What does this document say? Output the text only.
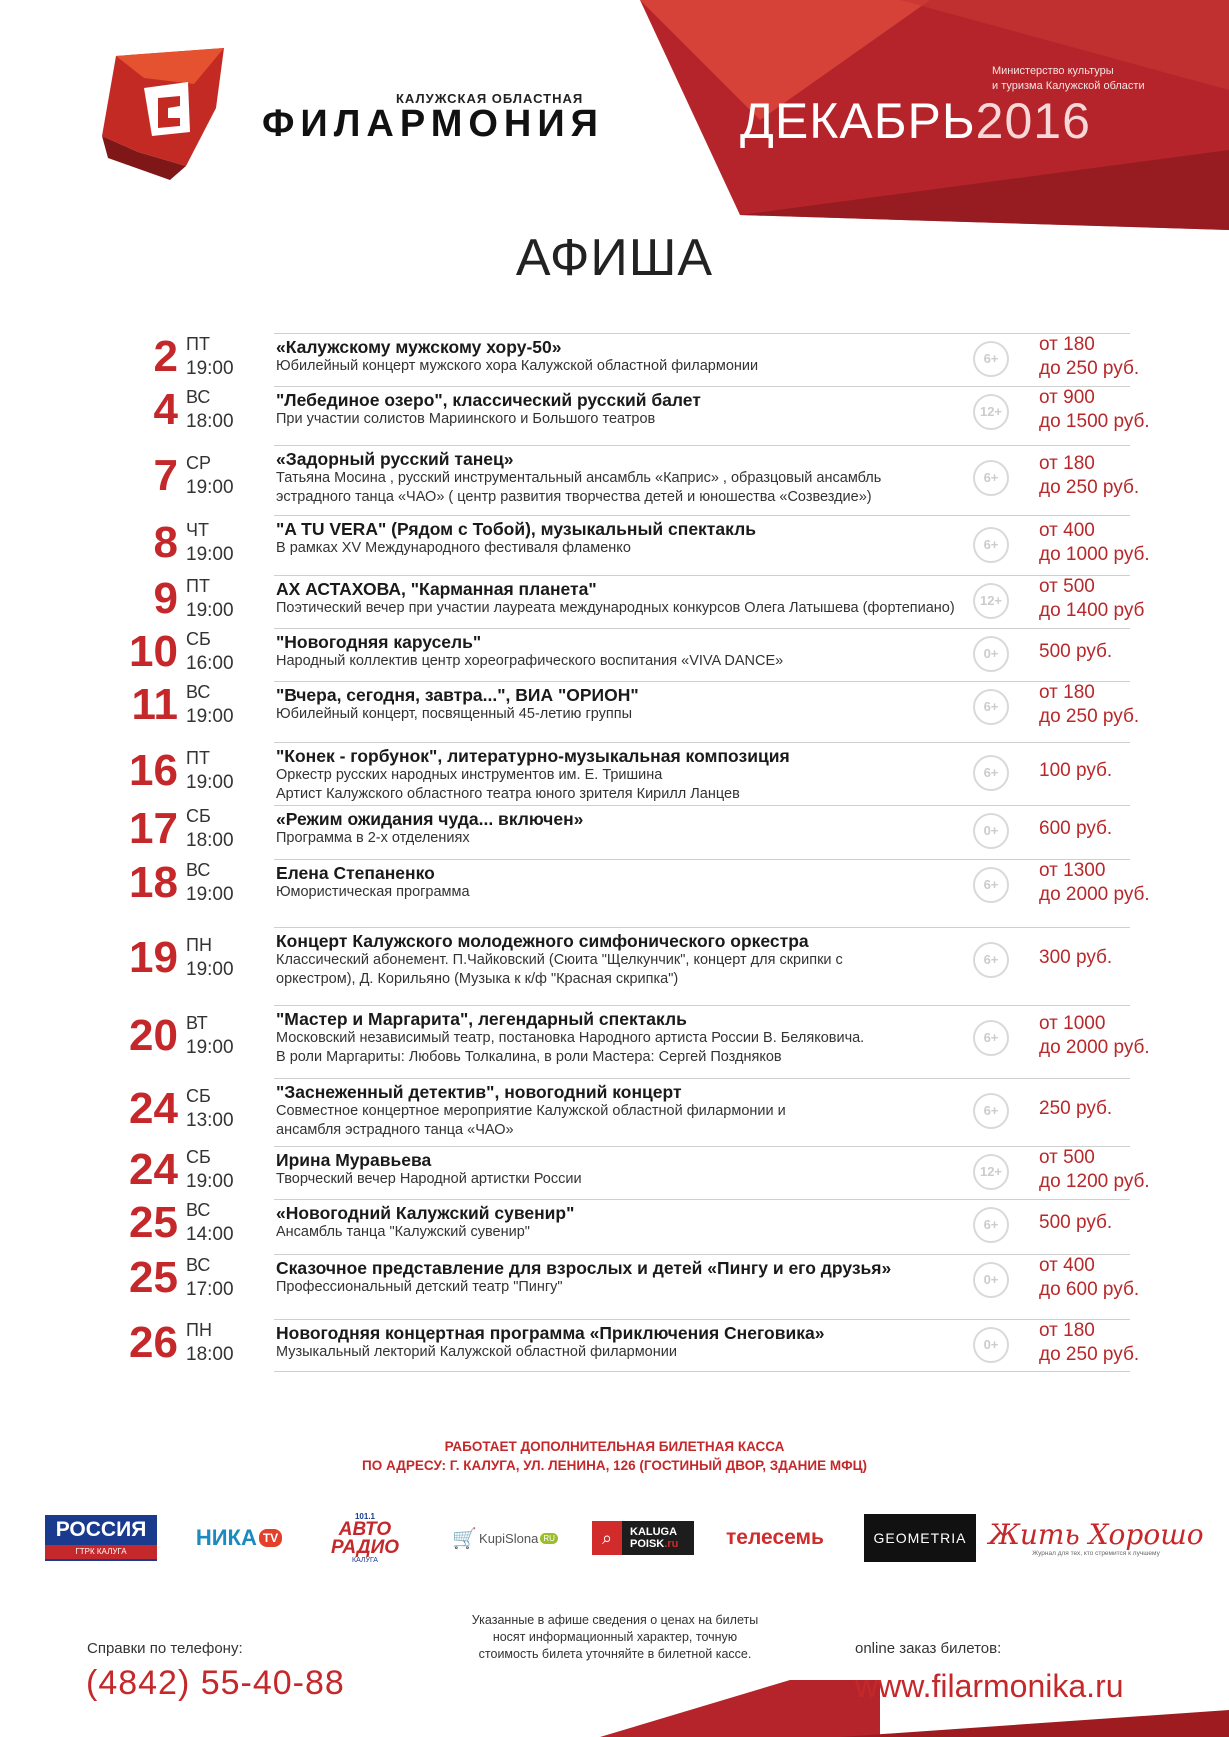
КАЛУЖСКАЯ ОБЛАСТНАЯ
ФИЛАРМОНИЯ
Министерство культуры
и туризма Калужской области
ДЕКАБРЬ2016
АФИША
2 ПТ
19:00
«Калужскому мужскому хору-50»
Юбилейный концерт мужского хора Калужской областной филармонии	6+
от 180
до 250 руб.
4 ВС
18:00
"Лебединое озеро", классический русский балет
При участии солистов Мариинского и Большого театров	12+
от 900
до 1500 руб.
7 СР
19:00
«Задорный русский танец»
Татьяна Мосина , русский инструментальный ансамбль «Каприс» , образцовый ансамбль
эстрадного танца «ЧАО» ( центр развития творчества детей и юношества «Созвездие»)
6+
от 180
до 250 руб.
8 ЧТ
19:00
"A TU VERA" (Рядом с Тобой), музыкальный спектакль
В рамках XV Международного фестиваля фламенко	6+
от 400
до 1000 руб.
9 ПТ
19:00
АХ АСТАХОВА, "Карманная планета"
Поэтический вечер при участии лауреата международных конкурсов Олега Латышева (фортепиано)	12+
от 500
до 1400 руб
10 СБ
16:00
"Новогодняя карусель"
Народный коллектив центр хореографического воспитания «VIVA DANCE»	0+	500 руб.
11 ВС
19:00
"Вчера, сегодня, завтра...", ВИА "ОРИОН"
Юбилейный концерт, посвященный 45-летию группы	6+
от 180
до 250 руб.
16 ПТ
19:00
"Конек - горбунок", литературно-музыкальная композиция
Оркестр русских народных инструментов им. Е. Тришина
Артист Калужского областного театра юного зрителя Кирилл Ланцев
6+	100 руб.
17 СБ
18:00
«Режим ожидания чуда... включен»
Программа в 2-х отделениях	0+	600 руб.
18 ВС
19:00
Елена Степаненко
Юмористическая программа	6+
от 1300
до 2000 руб.
19 ПН
19:00
Концерт Калужского молодежного симфонического оркестра
Классический абонемент. П.Чайковский (Сюита "Щелкунчик", концерт для скрипки с
оркестром), Д. Корильяно (Музыка к к/ф "Красная скрипка")
6+	300 руб.
20 ВТ
19:00
"Мастер и Маргарита", легендарный спектакль
Московский независимый театр, постановка Народного артиста России В. Беляковича.
В роли Маргариты: Любовь Толкалина, в роли Мастера: Сергей Поздняков
6+
от 1000
до 2000 руб.
24 СБ
13:00
"Заснеженный детектив", новогодний концерт
Совместное концертное мероприятие Калужской областной филармонии и
ансамбля эстрадного танца «ЧАО»
6+	250 руб.
24 СБ
19:00
Ирина Муравьева
Творческий вечер Народной артистки России	12+
от 500
до 1200 руб.
25 ВС
14:00
«Новогодний Калужский сувенир"
Ансамбль танца "Калужский сувенир"	6+	500 руб.
25 ВС
17:00
Сказочное представление для взрослых и детей «Пингу и его друзья»
Профессиональный детский театр "Пингу"	0+
от 400
до 600 руб.
26 ПН
18:00
Новогодняя концертная программа «Приключения Снеговика»
Музыкальный лекторий Калужской областной филармонии	0+
от 180
до 250 руб.
РАБОТАЕТ ДОПОЛНИТЕЛЬНАЯ БИЛЕТНАЯ КАССА
ПО АДРЕСУ: Г. КАЛУГА, УЛ. ЛЕНИНА, 126 (ГОСТИНЫЙ ДВОР, ЗДАНИЕ МФЦ)
РОССИЯ
ГТРК КАЛУГА
НИКА TV
101.1
АВТО
РАДИО
КАЛУГА
🛒 KupiSlona RU	⌕	KALUGA
POISK.ru телесемь	GEOMETRIA Жить Хорошо
Журнал для тех, кто стремится к лучшему
Указанные в афише сведения о ценах на билеты
носят информационный характер, точную
стоимость билета уточняйте в билетной кассе.
Справки по телефону:
(4842) 55-40-88
online заказ билетов:
www.filarmonika.ru
